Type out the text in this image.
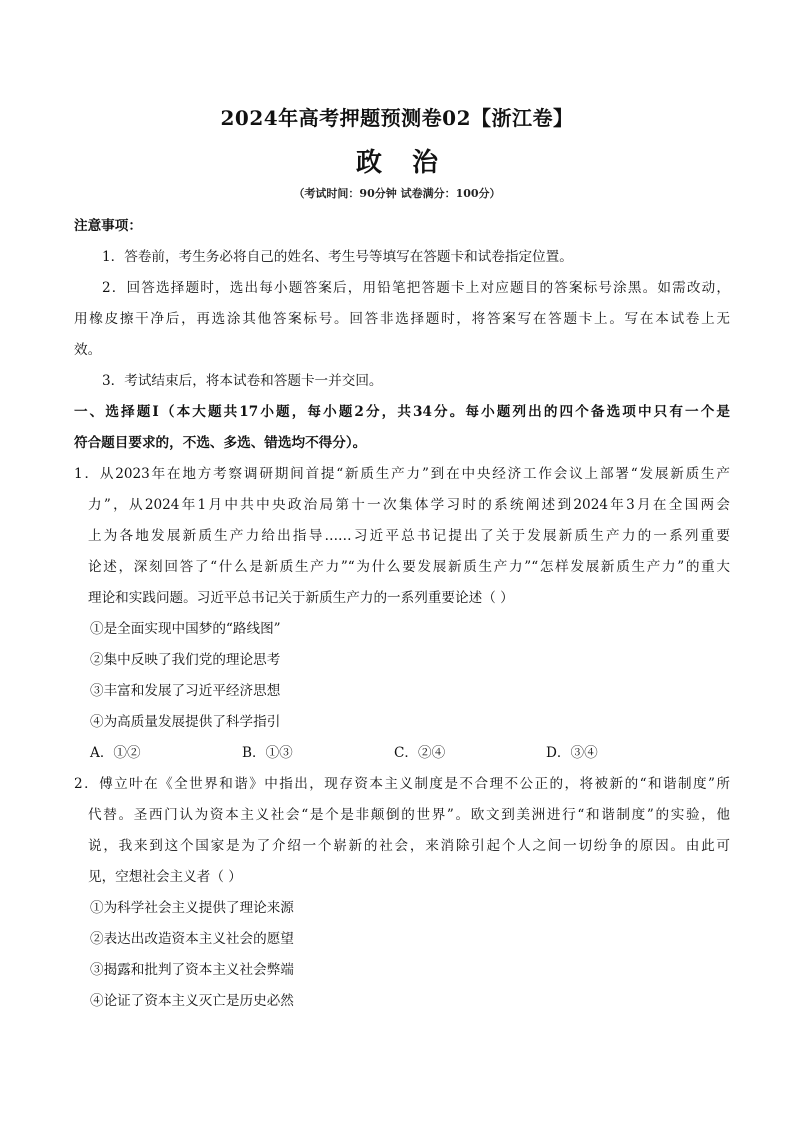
2024年高考押题预测卷02【浙江卷】
政治
（考试时间：90分钟 试卷满分：100分）
注意事项：
1．答卷前，考生务必将自己的姓名、考生号等填写在答题卡和试卷指定位置。
2．回答选择题时，选出每小题答案后，用铅笔把答题卡上对应题目的答案标号涂黑。如需改动，
用橡皮擦干净后，再选涂其他答案标号。回答非选择题时，将答案写在答题卡上。写在本试卷上无
效。
3．考试结束后，将本试卷和答题卡一并交回。
一、选择题Ⅰ（本大题共17小题，每小题2分，共34分。每小题列出的四个备选项中只有一个是
符合题目要求的，不选、多选、错选均不得分）。
1．从2023年在地方考察调研期间首提“新质生产力”到在中央经济工作会议上部署“发展新质生产
力”，从2024年1月中共中央政治局第十一次集体学习时的系统阐述到2024年3月在全国两会
上为各地发展新质生产力给出指导……习近平总书记提出了关于发展新质生产力的一系列重要
论述，深刻回答了“什么是新质生产力”“为什么要发展新质生产力”“怎样发展新质生产力”的重大
理论和实践问题。习近平总书记关于新质生产力的一系列重要论述（ ）
①是全面实现中国梦的“路线图”
②集中反映了我们党的理论思考
③丰富和发展了习近平经济思想
④为高质量发展提供了科学指引
A．①②	B．①③	C．②④	D．③④
2．傅立叶在《全世界和谐》中指出，现存资本主义制度是不合理不公正的，将被新的“和谐制度”所
代替。圣西门认为资本主义社会“是个是非颠倒的世界”。欧文到美洲进行“和谐制度”的实验，他
说，我来到这个国家是为了介绍一个崭新的社会，来消除引起个人之间一切纷争的原因。由此可
见，空想社会主义者（ ）
①为科学社会主义提供了理论来源
②表达出改造资本主义社会的愿望
③揭露和批判了资本主义社会弊端
④论证了资本主义灭亡是历史必然
